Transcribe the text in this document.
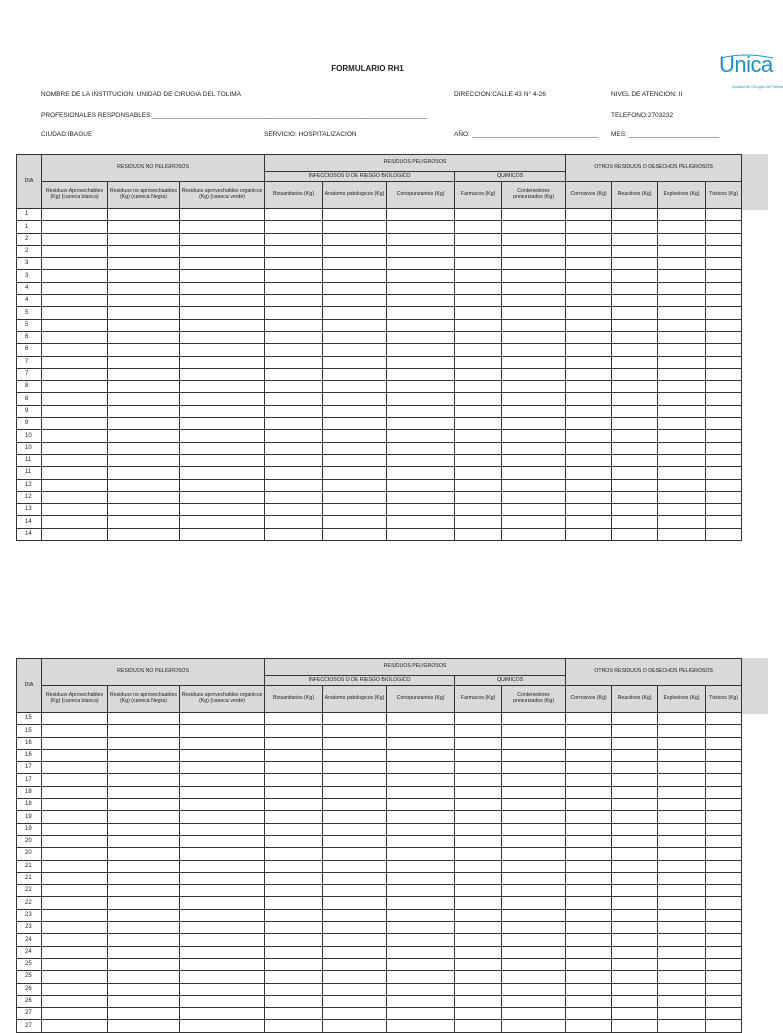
FORMULARIO RH1	Unica
Unidad de Cirugía del Tolima
NOMBRE DE LA INSTITUCION: UNIDAD DE CIRUGIA DEL TOLIMA	DIRECCION:CALLE 43 N° 4-26	NIVEL DE ATENCION: II
PROFESIONALES RESPONSABLES:____________________________________________________________________________	TELEFONO:2703232
CIUDAD:IBAGUE	SERVICIO: HOSPITALIZACION	AÑO: ___________________________________ MES: _________________________
DIA	RESIDUOS NO PELIGROSOS			RESIDUOS PELIGROSOS					OTROS RESIDUOS O DESECHOS PELIGROSOS			
				INFECCIOSOS O DE RIESGO BIOLOGICO			QUIMICOS					
	Residuos Aprovechables (Kg) (caneca blanca)	Residuos no aprovechaables (Kg) (caneca Negra)	Residuos aprovechables organicos (Kg) (caneca verde)	Biosanitarios (Kg)	Anatomo patologicos (Kg)	Cortopunzantes (Kg)	Farmacos (Kg)	Contenedores presurizados (Kg)	Corrosivos (Kg)	Reactivos (Kg)	Explosivos (Kg)	Tóxicos (Kg)
1												
1												
2												
2												
3												
3												
4												
4												
5												
5												
6												
6												
7												
7												
8												
8												
9												
9												
10												
10												
11												
11												
12												
12												
13												
14												
14												
DIA	RESIDUOS NO PELIGROSOS			RESIDUOS PELIGROSOS					OTROS RESIDUOS O DESECHOS PELIGROSOS			
				INFECCIOSOS O DE RIESGO BIOLOGICO			QUIMICOS					
	Residuos Aprovechables (Kg) (caneca blanca)	Residuos no aprovechaables (Kg) (caneca Negra)	Residuos aprovechables organicos (Kg) (caneca verde)	Biosanitarios (Kg)	Anatomo patologicos (Kg)	Cortopunzantes (Kg)	Farmacos (Kg)	Contenedores presurizados (Kg)	Corrosivos (Kg)	Reactivos (Kg)	Explosivos (Kg)	Tóxicos (Kg)
15												
15												
16												
16												
17												
17												
18												
18												
19												
19												
20												
20												
21												
21												
22												
22												
23												
23												
24												
24												
25												
25												
26												
26												
27												
27												
